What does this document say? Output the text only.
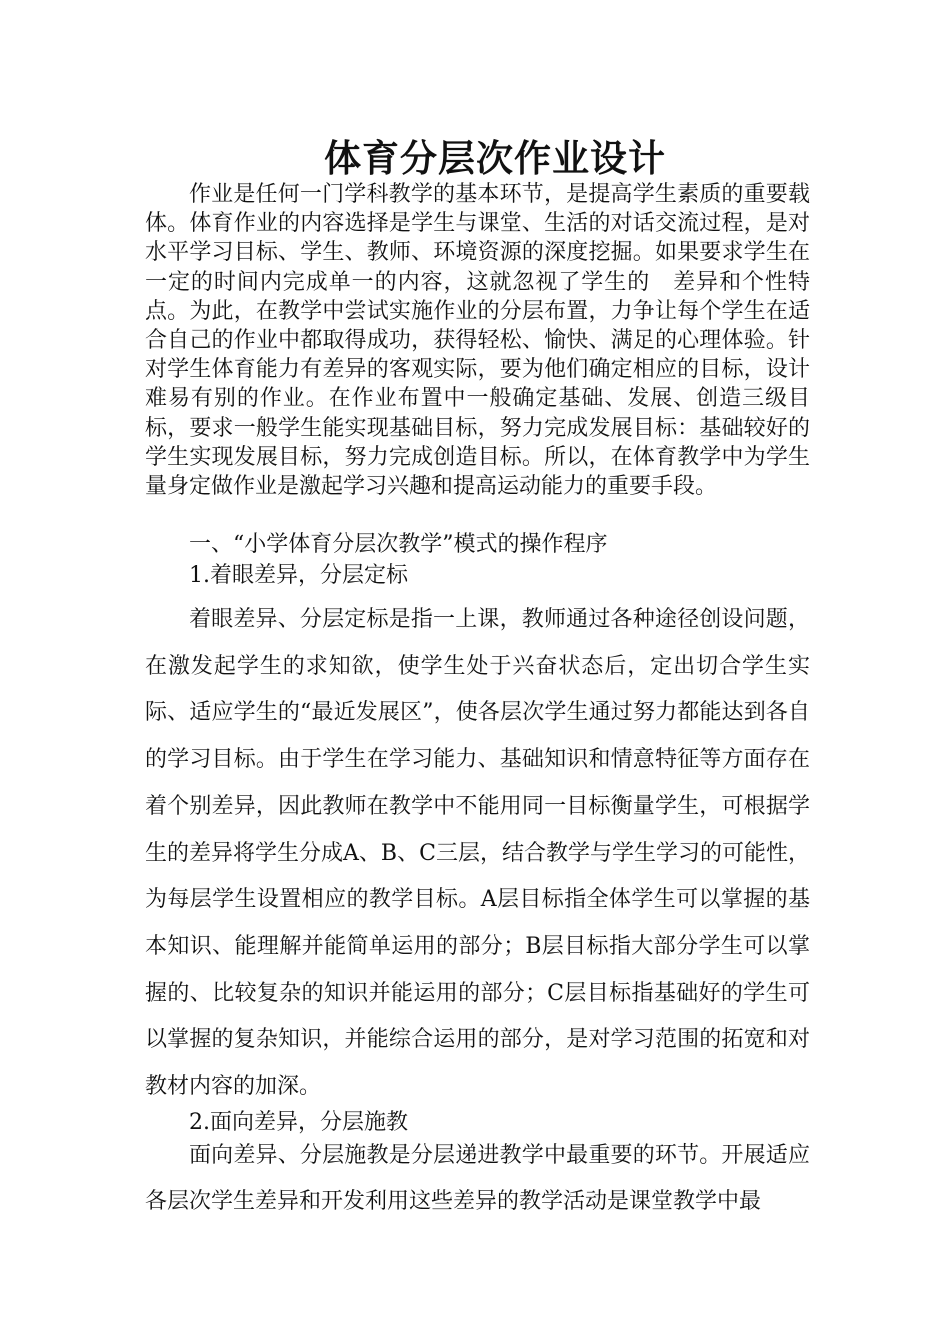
体育分层次作业设计
作业是任何一门学科教学的基本环节，是提高学生素质的重要载体。体育作业的内容选择是学生与课堂、生活的对话交流过程，是对水平学习目标、学生、教师、环境资源的深度挖掘。如果要求学生在一定的时间内完成单一的内容，这就忽视了学生的　差异和个性特点。为此，在教学中尝试实施作业的分层布置，力争让每个学生在适合自己的作业中都取得成功，获得轻松、愉快、满足的心理体验。针对学生体育能力有差异的客观实际，要为他们确定相应的目标，设计难易有别的作业。在作业布置中一般确定基础、发展、创造三级目标，要求一般学生能实现基础目标，努力完成发展目标：基础较好的学生实现发展目标，努力完成创造目标。所以，在体育教学中为学生量身定做作业是激起学习兴趣和提高运动能力的重要手段。
一、“小学体育分层次教学”模式的操作程序
1.着眼差异，分层定标
着眼差异、分层定标是指一上课，教师通过各种途径创设问题，在激发起学生的求知欲，使学生处于兴奋状态后，定出切合学生实际、适应学生的“最近发展区”，使各层次学生通过努力都能达到各自的学习目标。由于学生在学习能力、基础知识和情意特征等方面存在着个别差异，因此教师在教学中不能用同一目标衡量学生，可根据学生的差异将学生分成A、B、C三层，结合教学与学生学习的可能性，为每层学生设置相应的教学目标。A层目标指全体学生可以掌握的基本知识、能理解并能简单运用的部分；B层目标指大部分学生可以掌握的、比较复杂的知识并能运用的部分；C层目标指基础好的学生可以掌握的复杂知识，并能综合运用的部分，是对学习范围的拓宽和对教材内容的加深。
2.面向差异，分层施教
面向差异、分层施教是分层递进教学中最重要的环节。开展适应各层次学生差异和开发利用这些差异的教学活动是课堂教学中最
